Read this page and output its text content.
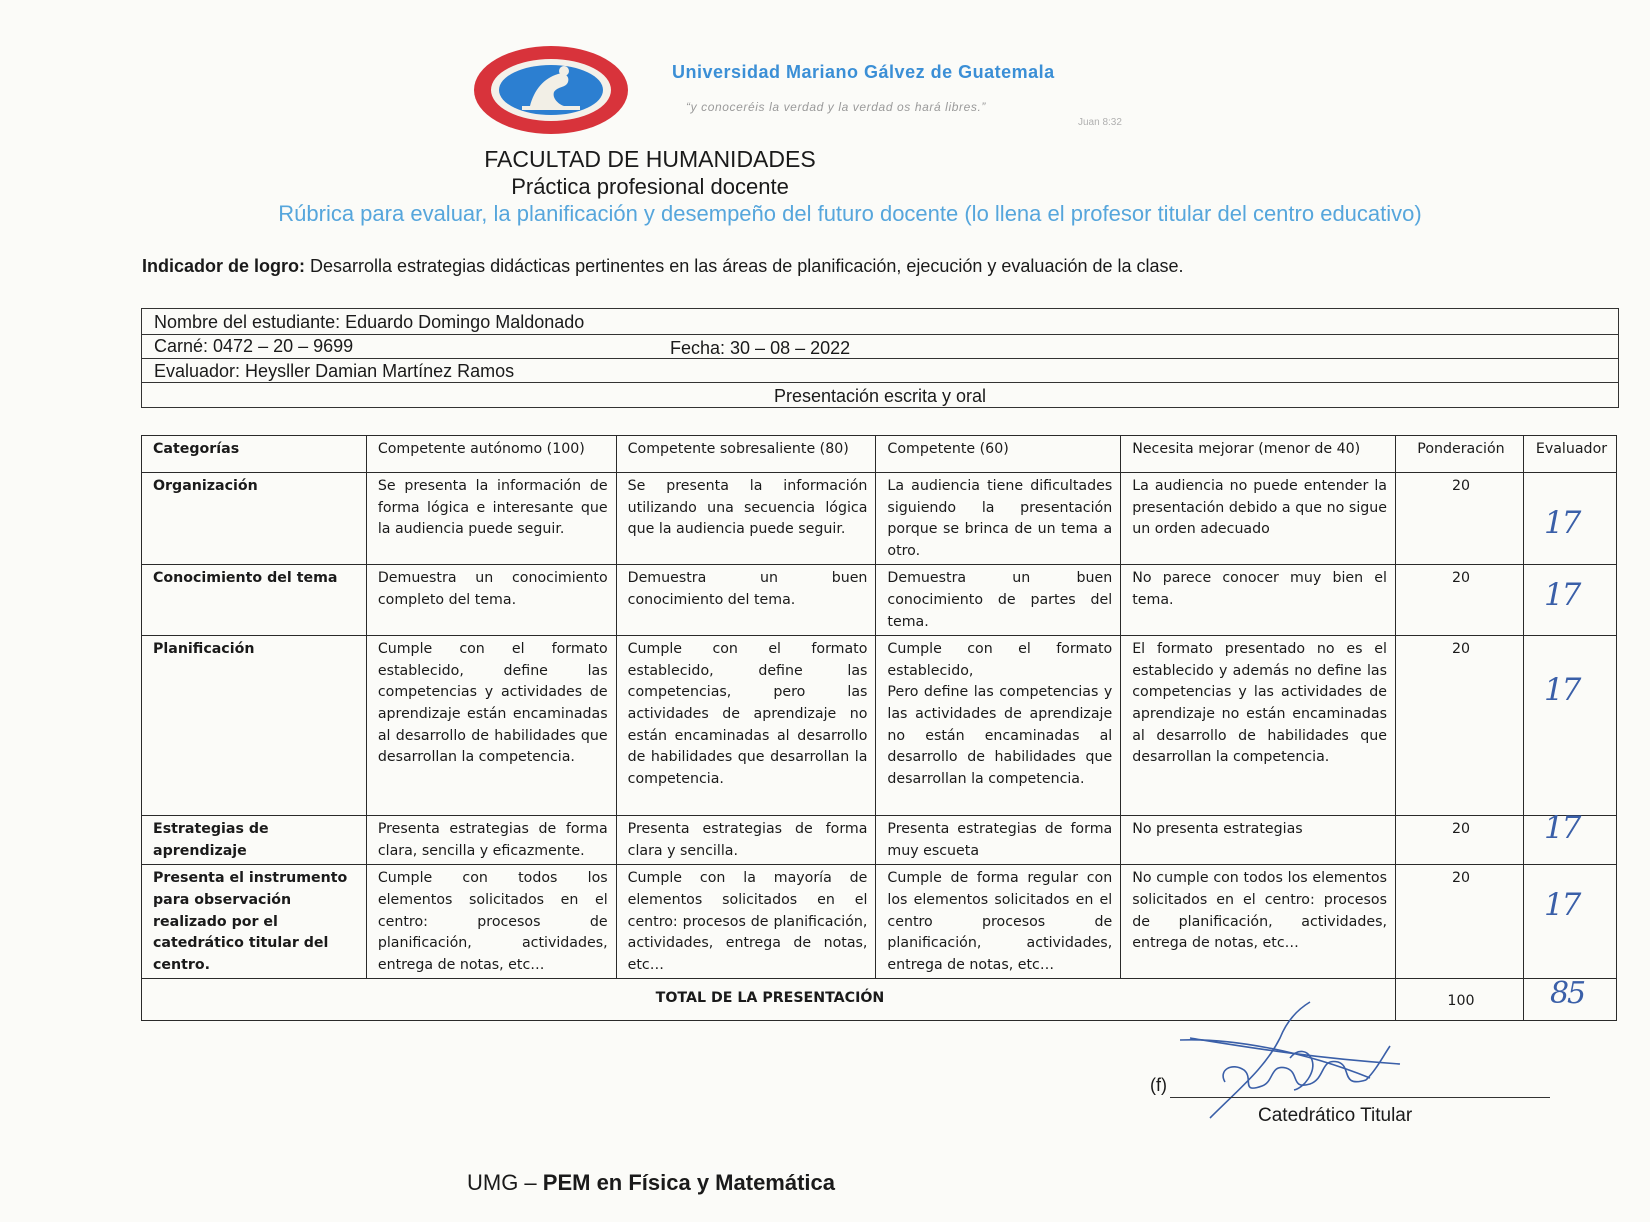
Universidad Mariano Gálvez de Guatemala
“y conoceréis la verdad y la verdad os hará libres.”
Juan 8:32
FACULTAD DE HUMANIDADES
Práctica profesional docente
Rúbrica para evaluar, la planificación y desempeño del futuro docente (lo llena el profesor titular del centro educativo)
Indicador de logro: Desarrolla estrategias didácticas pertinentes en las áreas de planificación, ejecución y evaluación de la clase.
Nombre del estudiante: Eduardo Domingo Maldonado
Carné: 0472 – 20 – 9699	Fecha: 30 – 08 – 2022
Evaluador: Heysller Damian Martínez Ramos
Presentación escrita y oral
Categorías	Competente autónomo (100)	Competente sobresaliente (80)	Competente (60)	Necesita mejorar (menor de 40)	Ponderación	Evaluador
Organización	Se presenta la información de forma lógica e interesante que la audiencia puede seguir.	Se presenta la información utilizando una secuencia lógica que la audiencia puede seguir.	La audiencia tiene dificultades siguiendo la presentación porque se brinca de un tema a otro.	La audiencia no puede entender la presentación debido a que no sigue un orden adecuado	20	17

Conocimiento del tema	Demuestra un conocimiento completo del tema.	Demuestra un buen conocimiento del tema.	Demuestra un buen conocimiento de partes del tema.	No parece conocer muy bien el tema.	20	17

Planificación	Cumple con el formato establecido, define las competencias y actividades de aprendizaje están encaminadas al desarrollo de habilidades que desarrollan la competencia.	Cumple con el formato establecido, define las competencias, pero las actividades de aprendizaje no están encaminadas al desarrollo de habilidades que desarrollan la competencia.	Cumple con el formato establecido,
Pero define las competencias y las actividades de aprendizaje no están encaminadas al desarrollo de habilidades que desarrollan la competencia.	El formato presentado no es el establecido y además no define las competencias y las actividades de aprendizaje no están encaminadas al desarrollo de habilidades que desarrollan la competencia.	20	17

Estrategias de aprendizaje	Presenta estrategias de forma clara, sencilla y eficazmente.	Presenta estrategias de forma clara y sencilla.	Presenta estrategias de forma muy escueta	No presenta estrategias	20	17

Presenta el instrumento para observación realizado por el catedrático titular del centro.	Cumple con todos los elementos solicitados en el centro: procesos de planificación, actividades, entrega de notas, etc…	Cumple con la mayoría de elementos solicitados en el centro: procesos de planificación, actividades, entrega de notas, etc…	Cumple de forma regular con los elementos solicitados en el centro procesos de planificación, actividades, entrega de notas, etc…	No cumple con todos los elementos solicitados en el centro: procesos de planificación, actividades, entrega de notas, etc…	20	17

TOTAL DE LA PRESENTACIÓN					100	85
(f)
Catedrático Titular
UMG – PEM en Física y Matemática
